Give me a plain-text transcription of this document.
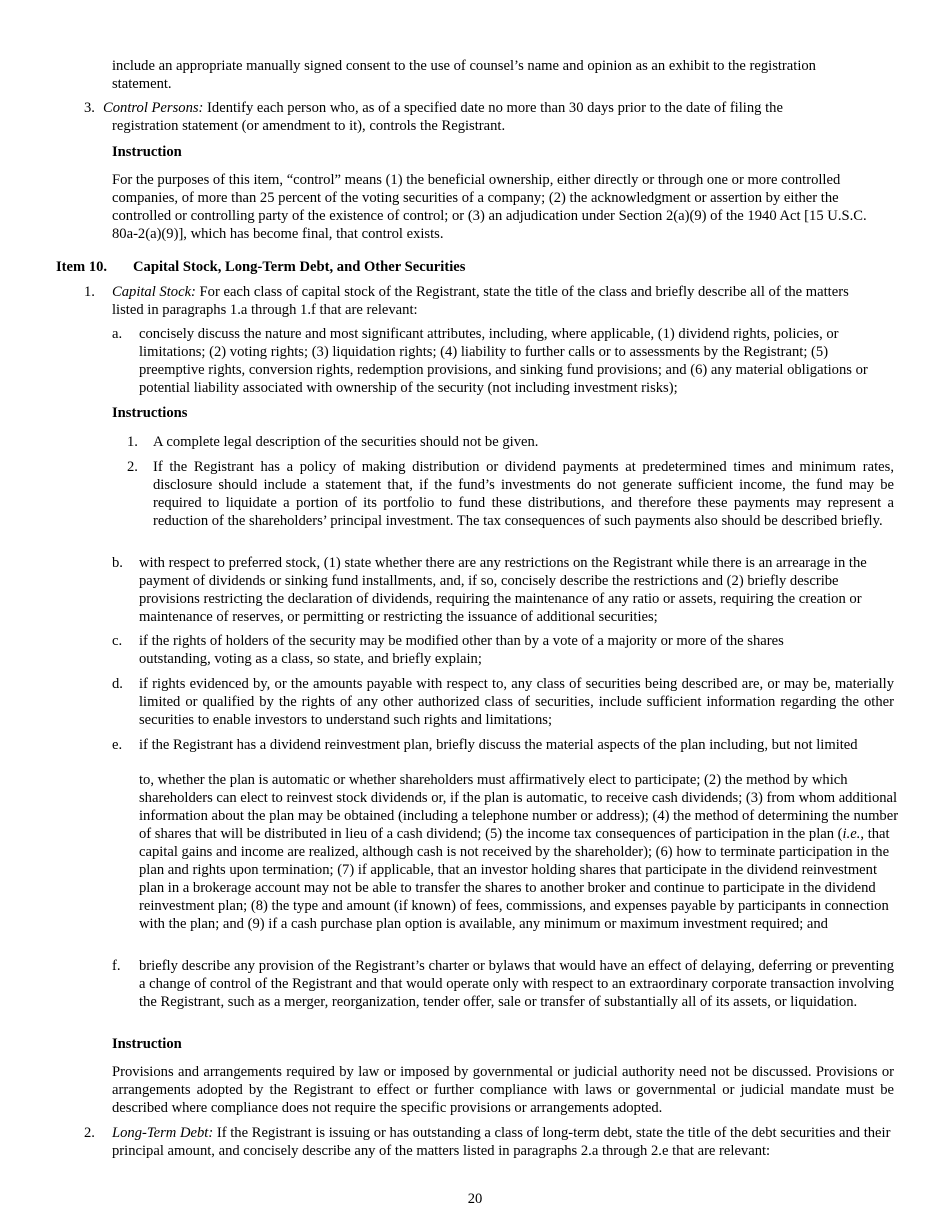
include an appropriate manually signed consent to the use of counsel’s name and opinion as an exhibit to the registration statement.

3. Control Persons: Identify each person who, as of a specified date no more than 30 days prior to the date of filing the registration statement (or amendment to it), controls the Registrant.

Instruction

For the purposes of this item, “control” means (1) the beneficial ownership, either directly or through one or more controlled companies, of more than 25 percent of the voting securities of a company; (2) the acknowledgment or assertion by either the controlled or controlling party of the existence of control; or (3) an adjudication under Section 2(a)(9) of the 1940 Act [15 U.S.C. 80a-2(a)(9)], which has become final, that control exists.

Item 10. Capital Stock, Long-Term Debt, and Other Securities

1. Capital Stock: For each class of capital stock of the Registrant, state the title of the class and briefly describe all of the matters listed in paragraphs 1.a through 1.f that are relevant:

a. concisely discuss the nature and most significant attributes, including, where applicable, (1) dividend rights, policies, or limitations; (2) voting rights; (3) liquidation rights; (4) liability to further calls or to assessments by the Registrant; (5) preemptive rights, conversion rights, redemption provisions, and sinking fund provisions; and (6) any material obligations or potential liability associated with ownership of the security (not including investment risks);

Instructions

1. A complete legal description of the securities should not be given.

2. If the Registrant has a policy of making distribution or dividend payments at predetermined times and minimum rates, disclosure should include a statement that, if the fund’s investments do not generate sufficient income, the fund may be required to liquidate a portion of its portfolio to fund these distributions, and therefore these payments may represent a reduction of the shareholders’ principal investment. The tax consequences of such payments also should be described briefly.

b. with respect to preferred stock, (1) state whether there are any restrictions on the Registrant while there is an arrearage in the payment of dividends or sinking fund installments, and, if so, concisely describe the restrictions and (2) briefly describe provisions restricting the declaration of dividends, requiring the maintenance of any ratio or assets, requiring the creation or maintenance of reserves, or permitting or restricting the issuance of additional securities;

c. if the rights of holders of the security may be modified other than by a vote of a majority or more of the shares outstanding, voting as a class, so state, and briefly explain;

d. if rights evidenced by, or the amounts payable with respect to, any class of securities being described are, or may be, materially limited or qualified by the rights of any other authorized class of securities, include sufficient information regarding the other securities to enable investors to understand such rights and limitations;

e. if the Registrant has a dividend reinvestment plan, briefly discuss the material aspects of the plan including, but not limited

to, whether the plan is automatic or whether shareholders must affirmatively elect to participate; (2) the method by which shareholders can elect to reinvest stock dividends or, if the plan is automatic, to receive cash dividends; (3) from whom additional information about the plan may be obtained (including a telephone number or address); (4) the method of determining the number of shares that will be distributed in lieu of a cash dividend; (5) the income tax consequences of participation in the plan (i.e., that capital gains and income are realized, although cash is not received by the shareholder); (6) how to terminate participation in the plan and rights upon termination; (7) if applicable, that an investor holding shares that participate in the dividend reinvestment plan in a brokerage account may not be able to transfer the shares to another broker and continue to participate in the dividend reinvestment plan; (8) the type and amount (if known) of fees, commissions, and expenses payable by participants in connection with the plan; and (9) if a cash purchase plan option is available, any minimum or maximum investment required; and

f. briefly describe any provision of the Registrant’s charter or bylaws that would have an effect of delaying, deferring or preventing a change of control of the Registrant and that would operate only with respect to an extraordinary corporate transaction involving the Registrant, such as a merger, reorganization, tender offer, sale or transfer of substantially all of its assets, or liquidation.

Instruction

Provisions and arrangements required by law or imposed by governmental or judicial authority need not be discussed. Provisions or arrangements adopted by the Registrant to effect or further compliance with laws or governmental or judicial mandate must be described where compliance does not require the specific provisions or arrangements adopted.

2. Long-Term Debt: If the Registrant is issuing or has outstanding a class of long-term debt, state the title of the debt securities and their principal amount, and concisely describe any of the matters listed in paragraphs 2.a through 2.e that are relevant:

20
